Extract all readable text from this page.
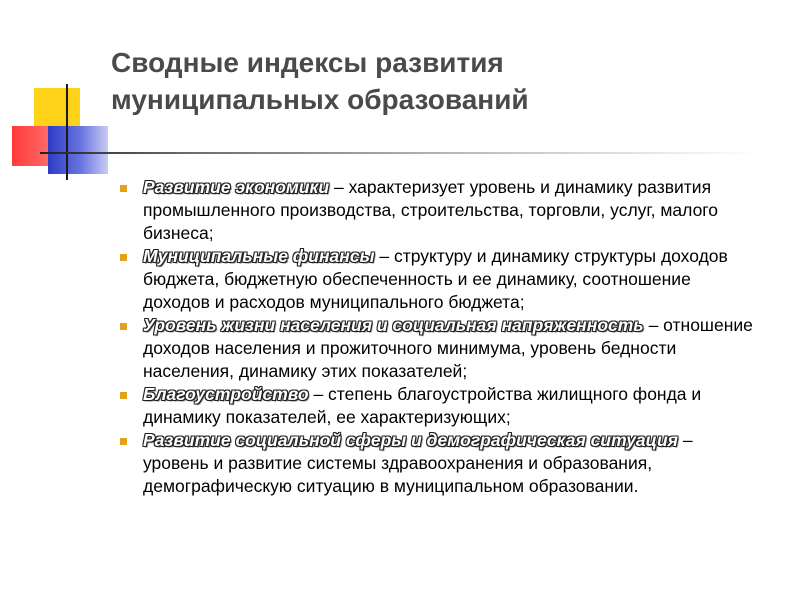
Сводные индексы развития
муниципальных образований
Развитие экономики – характеризует уровень и динамику развития промышленного производства, строительства, торговли, услуг, малого бизнеса;
Муниципальные финансы – структуру и динамику структуры доходов бюджета, бюджетную обеспеченность и ее динамику, соотношение доходов и расходов муниципального бюджета;
Уровень жизни населения и социальная напряженность – отношение доходов населения и прожиточного минимума, уровень бедности населения, динамику этих показателей;
Благоустройство – степень благоустройства жилищного фонда и динамику показателей, ее характеризующих;
Развитие социальной сферы и демографическая ситуация – уровень и развитие системы здравоохранения и образования, демографическую ситуацию в муниципальном образовании.
